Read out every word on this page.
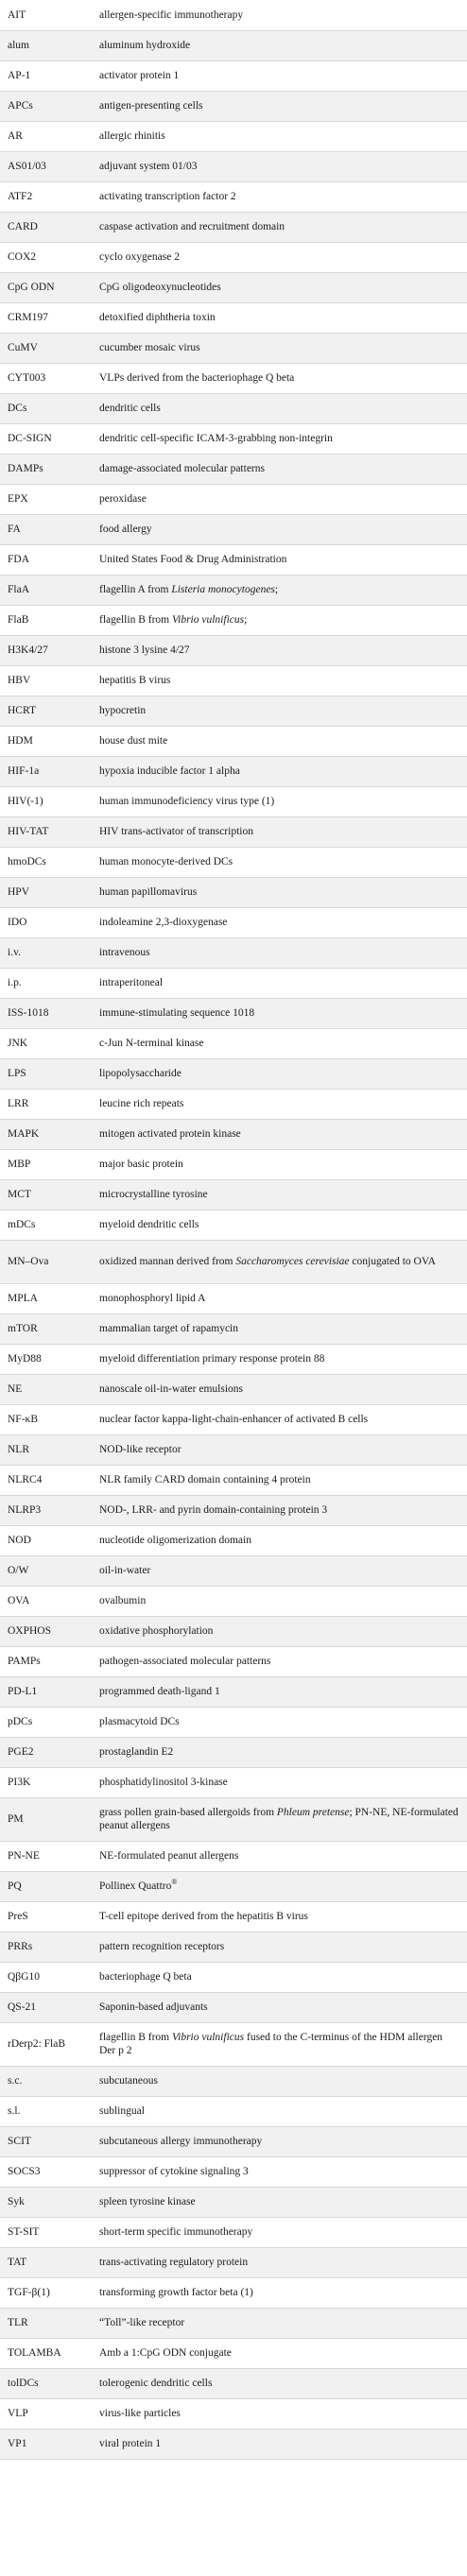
AIT	allergen-specific immunotherapy
alum	aluminum hydroxide
AP-1	activator protein 1
APCs	antigen-presenting cells
AR	allergic rhinitis
AS01/03	adjuvant system 01/03
ATF2	activating transcription factor 2
CARD	caspase activation and recruitment domain
COX2	cyclo oxygenase 2
CpG ODN	CpG oligodeoxynucleotides
CRM197	detoxified diphtheria toxin
CuMV	cucumber mosaic virus
CYT003	VLPs derived from the bacteriophage Q beta
DCs	dendritic cells
DC-SIGN	dendritic cell-specific ICAM-3-grabbing non-integrin
DAMPs	damage-associated molecular patterns
EPX	peroxidase
FA	food allergy
FDA	United States Food & Drug Administration
FlaA	flagellin A from Listeria monocytogenes;
FlaB	flagellin B from Vibrio vulnificus;
H3K4/27	histone 3 lysine 4/27
HBV	hepatitis B virus
HCRT	hypocretin
HDM	house dust mite
HIF-1a	hypoxia inducible factor 1 alpha
HIV(-1)	human immunodeficiency virus type (1)
HIV-TAT	HIV trans-activator of transcription
hmoDCs	human monocyte-derived DCs
HPV	human papillomavirus
IDO	indoleamine 2,3-dioxygenase
i.v.	intravenous
i.p.	intraperitoneal
ISS-1018	immune-stimulating sequence 1018
JNK	c-Jun N-terminal kinase
LPS	lipopolysaccharide
LRR	leucine rich repeats
MAPK	mitogen activated protein kinase
MBP	major basic protein
MCT	microcrystalline tyrosine
mDCs	myeloid dendritic cells
MN–Ova	oxidized mannan derived from Saccharomyces cerevisiae conjugated to OVA
MPLA	monophosphoryl lipid A
mTOR	mammalian target of rapamycin
MyD88	myeloid differentiation primary response protein 88
NE	nanoscale oil-in-water emulsions
NF-κB	nuclear factor kappa-light-chain-enhancer of activated B cells
NLR	NOD-like receptor
NLRC4	NLR family CARD domain containing 4 protein
NLRP3	NOD-, LRR- and pyrin domain-containing protein 3
NOD	nucleotide oligomerization domain
O/W	oil-in-water
OVA	ovalbumin
OXPHOS	oxidative phosphorylation
PAMPs	pathogen-associated molecular patterns
PD-L1	programmed death-ligand 1
pDCs	plasmacytoid DCs
PGE2	prostaglandin E2
PI3K	phosphatidylinositol 3-kinase
PM	grass pollen grain-based allergoids from Phleum pretense; PN-NE, NE-formulated peanut allergens
PN-NE	NE-formulated peanut allergens
PQ	Pollinex Quattro®
PreS	T-cell epitope derived from the hepatitis B virus
PRRs	pattern recognition receptors
QβG10	bacteriophage Q beta
QS-21	Saponin-based adjuvants
rDerp2: FlaB	flagellin B from Vibrio vulnificus fused to the C-terminus of the HDM allergen Der p 2
s.c.	subcutaneous
s.l.	sublingual
SCIT	subcutaneous allergy immunotherapy
SOCS3	suppressor of cytokine signaling 3
Syk	spleen tyrosine kinase
ST-SIT	short-term specific immunotherapy
TAT	trans-activating regulatory protein
TGF-β(1)	transforming growth factor beta (1)
TLR	“Toll”-like receptor
TOLAMBA	Amb a 1:CpG ODN conjugate
tolDCs	tolerogenic dendritic cells
VLP	virus-like particles
VP1	viral protein 1
